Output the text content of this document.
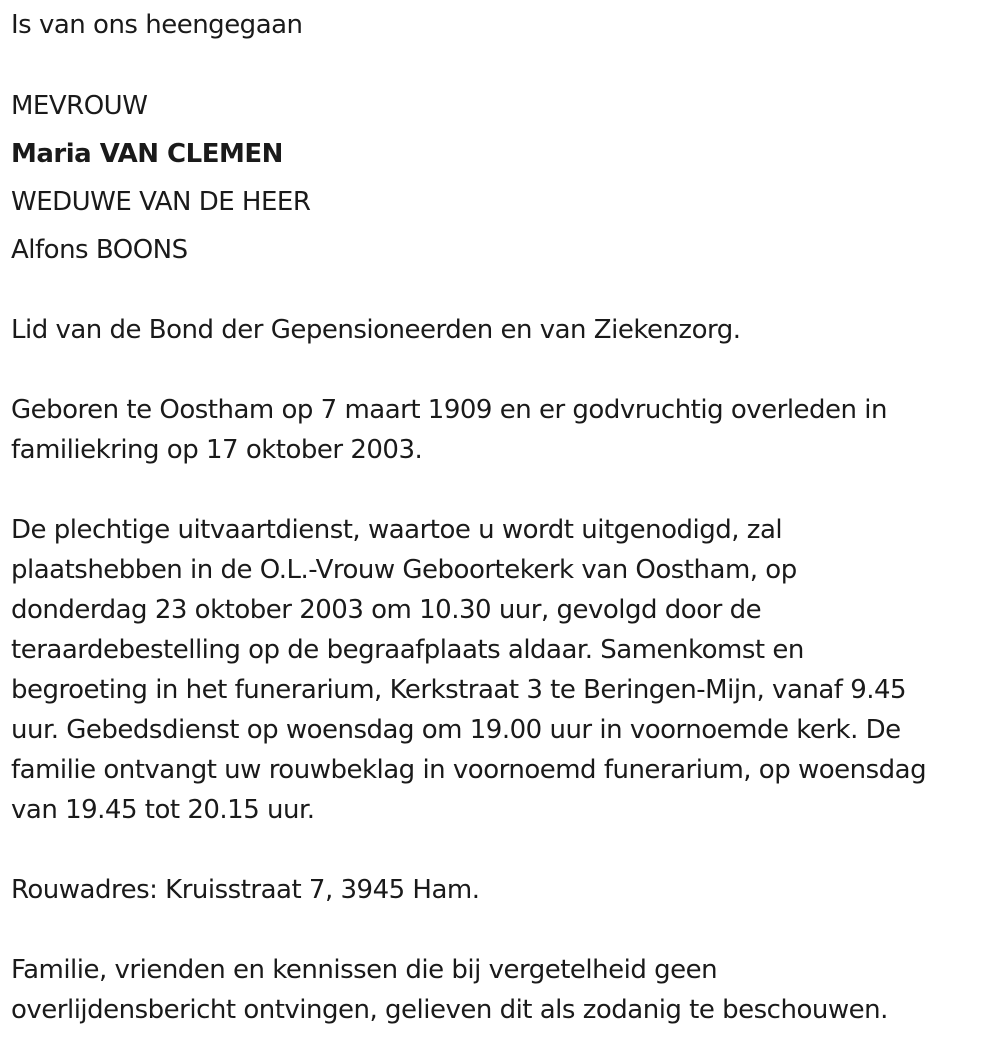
Is van ons heengegaan
MEVROUW
Maria VAN CLEMEN
WEDUWE VAN DE HEER
Alfons BOONS
Lid van de Bond der Gepensioneerden en van Ziekenzorg.
Geboren te Oostham op 7 maart 1909 en er godvruchtig overleden in
familiekring op 17 oktober 2003.
De plechtige uitvaartdienst, waartoe u wordt uitgenodigd, zal
plaatshebben in de O.L.-Vrouw Geboortekerk van Oostham, op
donderdag 23 oktober 2003 om 10.30 uur, gevolgd door de
teraardebestelling op de begraafplaats aldaar. Samenkomst en
begroeting in het funerarium, Kerkstraat 3 te Beringen-Mijn, vanaf 9.45
uur. Gebedsdienst op woensdag om 19.00 uur in voornoemde kerk. De
familie ontvangt uw rouwbeklag in voornoemd funerarium, op woensdag
van 19.45 tot 20.15 uur.
Rouwadres: Kruisstraat 7, 3945 Ham.
Familie, vrienden en kennissen die bij vergetelheid geen
overlijdensbericht ontvingen, gelieven dit als zodanig te beschouwen.
